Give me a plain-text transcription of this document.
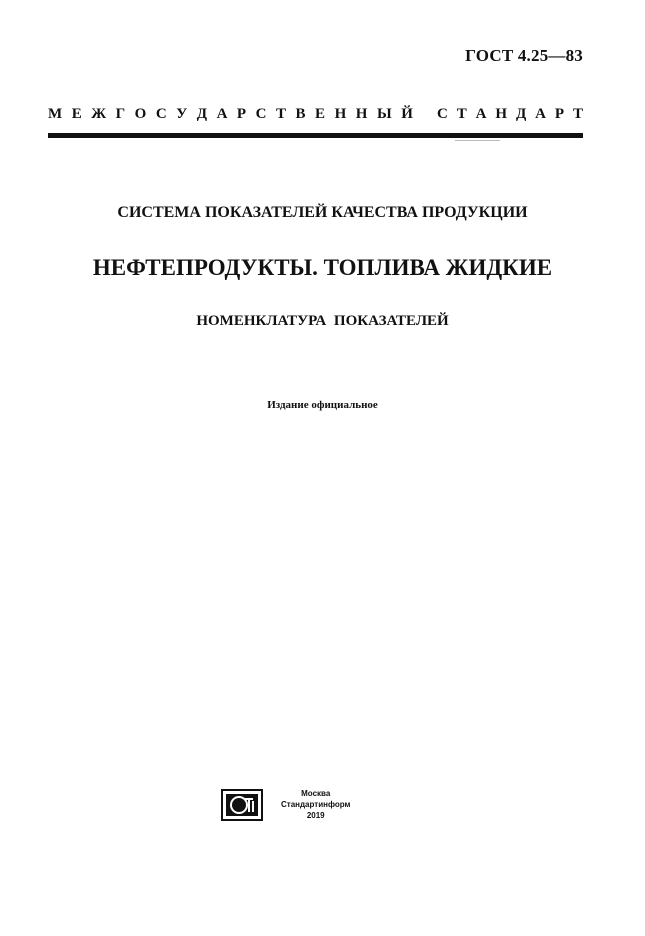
ГОСТ 4.25—83
М Е Ж Г О С У Д А Р С Т В Е Н Н Ы Й С Т А Н Д А Р Т
СИСТЕМА ПОКАЗАТЕЛЕЙ КАЧЕСТВА ПРОДУКЦИИ
НЕФТЕПРОДУКТЫ. ТОПЛИВА ЖИДКИЕ
НОМЕНКЛАТУРА ПОКАЗАТЕЛЕЙ
Издание официальное
Москва
Стандартинформ
2019
